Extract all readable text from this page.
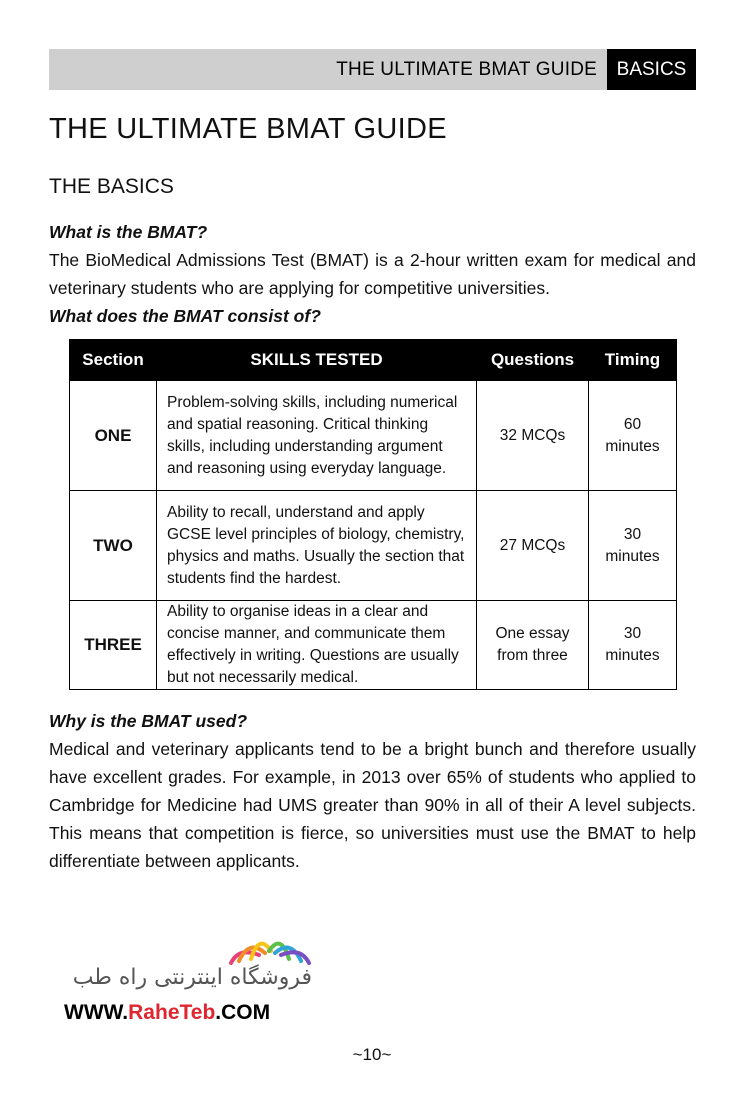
THE ULTIMATE BMAT GUIDE	BASICS
THE ULTIMATE BMAT GUIDE
THE BASICS

What is the BMAT?

The BioMedical Admissions Test (BMAT) is a 2-hour written exam for medical and veterinary students who are applying for competitive universities.

What does the BMAT consist of?

Section	SKILLS TESTED	Questions	Timing
ONE	Problem-solving skills, including numerical and spatial reasoning. Critical thinking skills, including understanding argument and reasoning using everyday language.	32 MCQs	60 minutes
TWO	Ability to recall, understand and apply GCSE level principles of biology, chemistry, physics and maths. Usually the section that students find the hardest.	27 MCQs	30 minutes
THREE	Ability to organise ideas in a clear and concise manner, and communicate them effectively in writing. Questions are usually but not necessarily medical.	One essay from three	30 minutes

Why is the BMAT used?

Medical and veterinary applicants tend to be a bright bunch and therefore usually have excellent grades. For example, in 2013 over 65% of students who applied to Cambridge for Medicine had UMS greater than 90% in all of their A level subjects. This means that competition is fierce, so universities must use the BMAT to help differentiate between applicants.

فروشگاه اینترنتی راه طب
WWW.RaheTeb.COM
~10~
